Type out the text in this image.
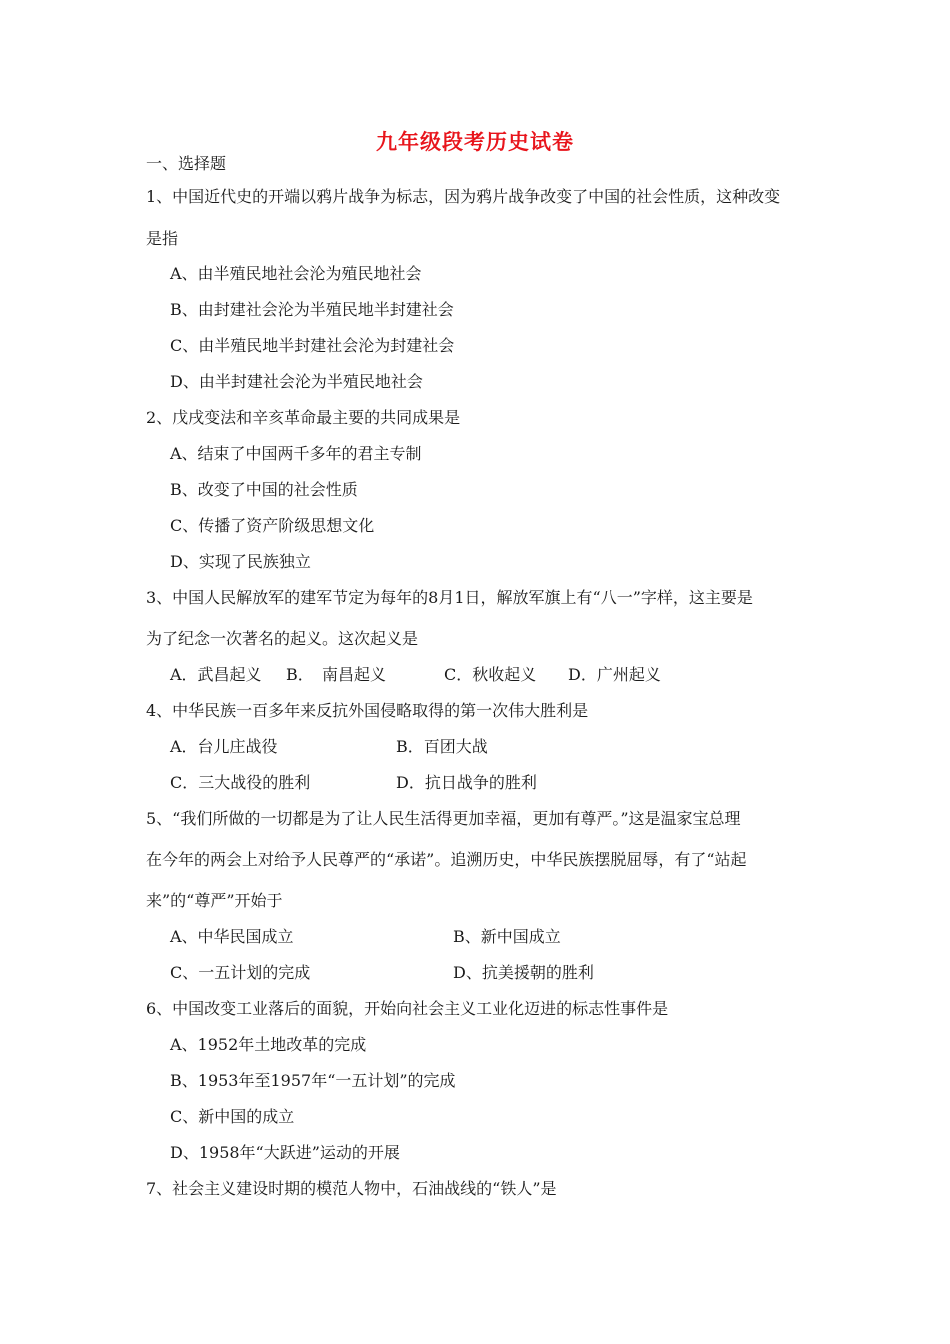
九年级段考历史试卷
一、选择题
1、中国近代史的开端以鸦片战争为标志，因为鸦片战争改变了中国的社会性质，这种改变
是指
A、由半殖民地社会沦为殖民地社会
B、由封建社会沦为半殖民地半封建社会
C、由半殖民地半封建社会沦为封建社会
D、由半封建社会沦为半殖民地社会
2、戊戌变法和辛亥革命最主要的共同成果是
A、结束了中国两千多年的君主专制
B、改变了中国的社会性质
C、传播了资产阶级思想文化
D、实现了民族独立
3、中国人民解放军的建军节定为每年的8月1日，解放军旗上有“八一”字样，这主要是
为了纪念一次著名的起义。这次起义是
A．武昌起义 B． 南昌起义	C．秋收起义 D．广州起义
4、中华民族一百多年来反抗外国侵略取得的第一次伟大胜利是
A．台儿庄战役	B．百团大战
C．三大战役的胜利	D．抗日战争的胜利
5、“我们所做的一切都是为了让人民生活得更加幸福，更加有尊严。”这是温家宝总理
在今年的两会上对给予人民尊严的“承诺”。追溯历史，中华民族摆脱屈辱，有了“站起
来”的“尊严”开始于
A、中华民国成立	B、新中国成立
C、一五计划的完成	D、抗美援朝的胜利
6、中国改变工业落后的面貌，开始向社会主义工业化迈进的标志性事件是
A、1952年土地改革的完成
B、1953年至1957年“一五计划”的完成
C、新中国的成立
D、1958年“大跃进”运动的开展
7、社会主义建设时期的模范人物中，石油战线的“铁人”是
